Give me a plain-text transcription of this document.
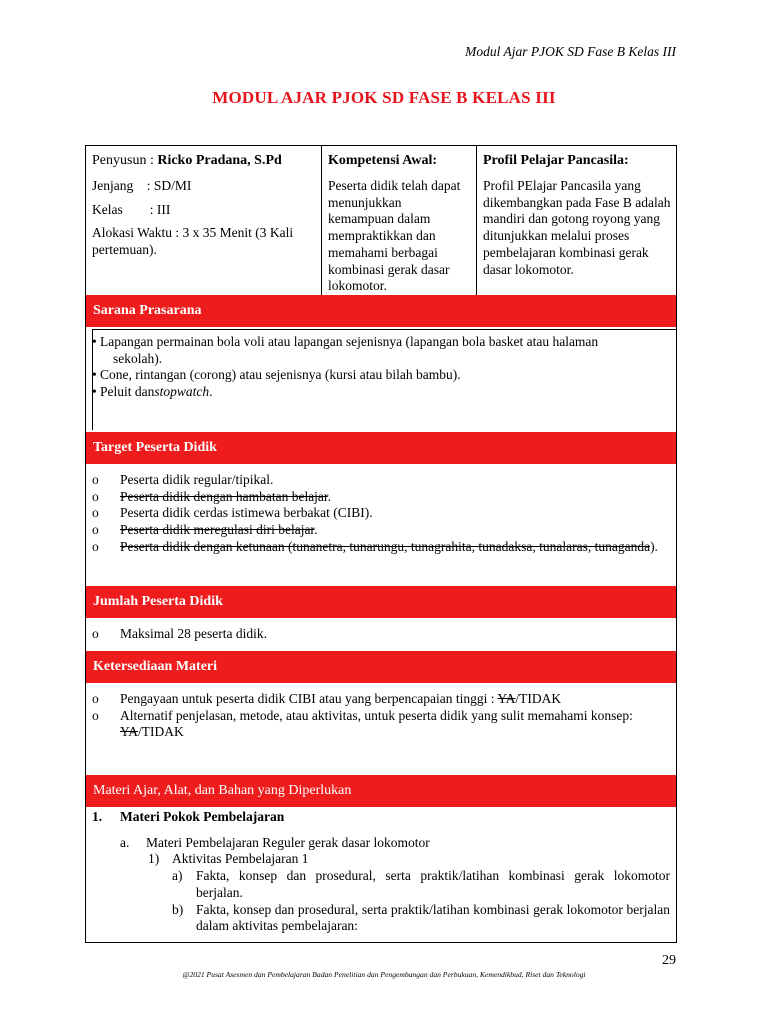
Modul Ajar PJOK SD Fase B Kelas III
MODUL AJAR PJOK SD FASE B KELAS III
Penyusun : Ricko Pradana, S.Pd
Jenjang    : SD/MI
Kelas        : III
Alokasi Waktu : 3 x 35 Menit (3 Kali pertemuan).
Kompetensi Awal:
Peserta didik telah dapat menunjukkan kemampuan dalam mempraktikkan dan memahami berbagai kombinasi gerak dasar lokomotor.
Profil Pelajar Pancasila:
Profil PElajar Pancasila yang dikembangkan pada Fase B adalah mandiri dan gotong royong yang ditunjukkan melalui proses pembelajaran kombinasi gerak dasar lokomotor.
Sarana Prasarana
• Lapangan permainan bola voli atau lapangan sejenisnya (lapangan bola basket atau halaman
sekolah).
• Cone, rintangan (corong) atau sejenisnya (kursi atau bilah bambu).
• Peluit dan stopwatch .
Target Peserta Didik
o	Peserta didik regular/tipikal.
o	Peserta didik dengan hambatan belajar.
o	Peserta didik cerdas istimewa berbakat (CIBI).
o	Peserta didik meregulasi diri belajar.
o	Peserta didik dengan ketunaan (tunanetra, tunarungu, tunagrahita, tunadaksa, tunalaras, tunaganda).
Jumlah Peserta Didik
o	Maksimal 28 peserta didik.
Ketersediaan Materi
o	Pengayaan untuk peserta didik CIBI atau yang berpencapaian tinggi : YA/TIDAK
o	Alternatif penjelasan, metode, atau aktivitas, untuk peserta didik yang sulit memahami konsep: YA/TIDAK
Materi Ajar, Alat, dan Bahan yang Diperlukan
1.	Materi Pokok Pembelajaran
a.	Materi Pembelajaran Reguler gerak dasar lokomotor
1) Aktivitas Pembelajaran 1
a)	Fakta, konsep dan prosedural, serta praktik/latihan kombinasi gerak lokomotor berjalan.
b) Fakta, konsep dan prosedural, serta praktik/latihan kombinasi gerak lokomotor berjalan dalam aktivitas pembelajaran:
29
@2021 Pusat Asesmen dan Pembelajaran Badan Penelitian dan Pengembangan dan Perbukuan, Kemendikbud, Riset dan Teknologi
